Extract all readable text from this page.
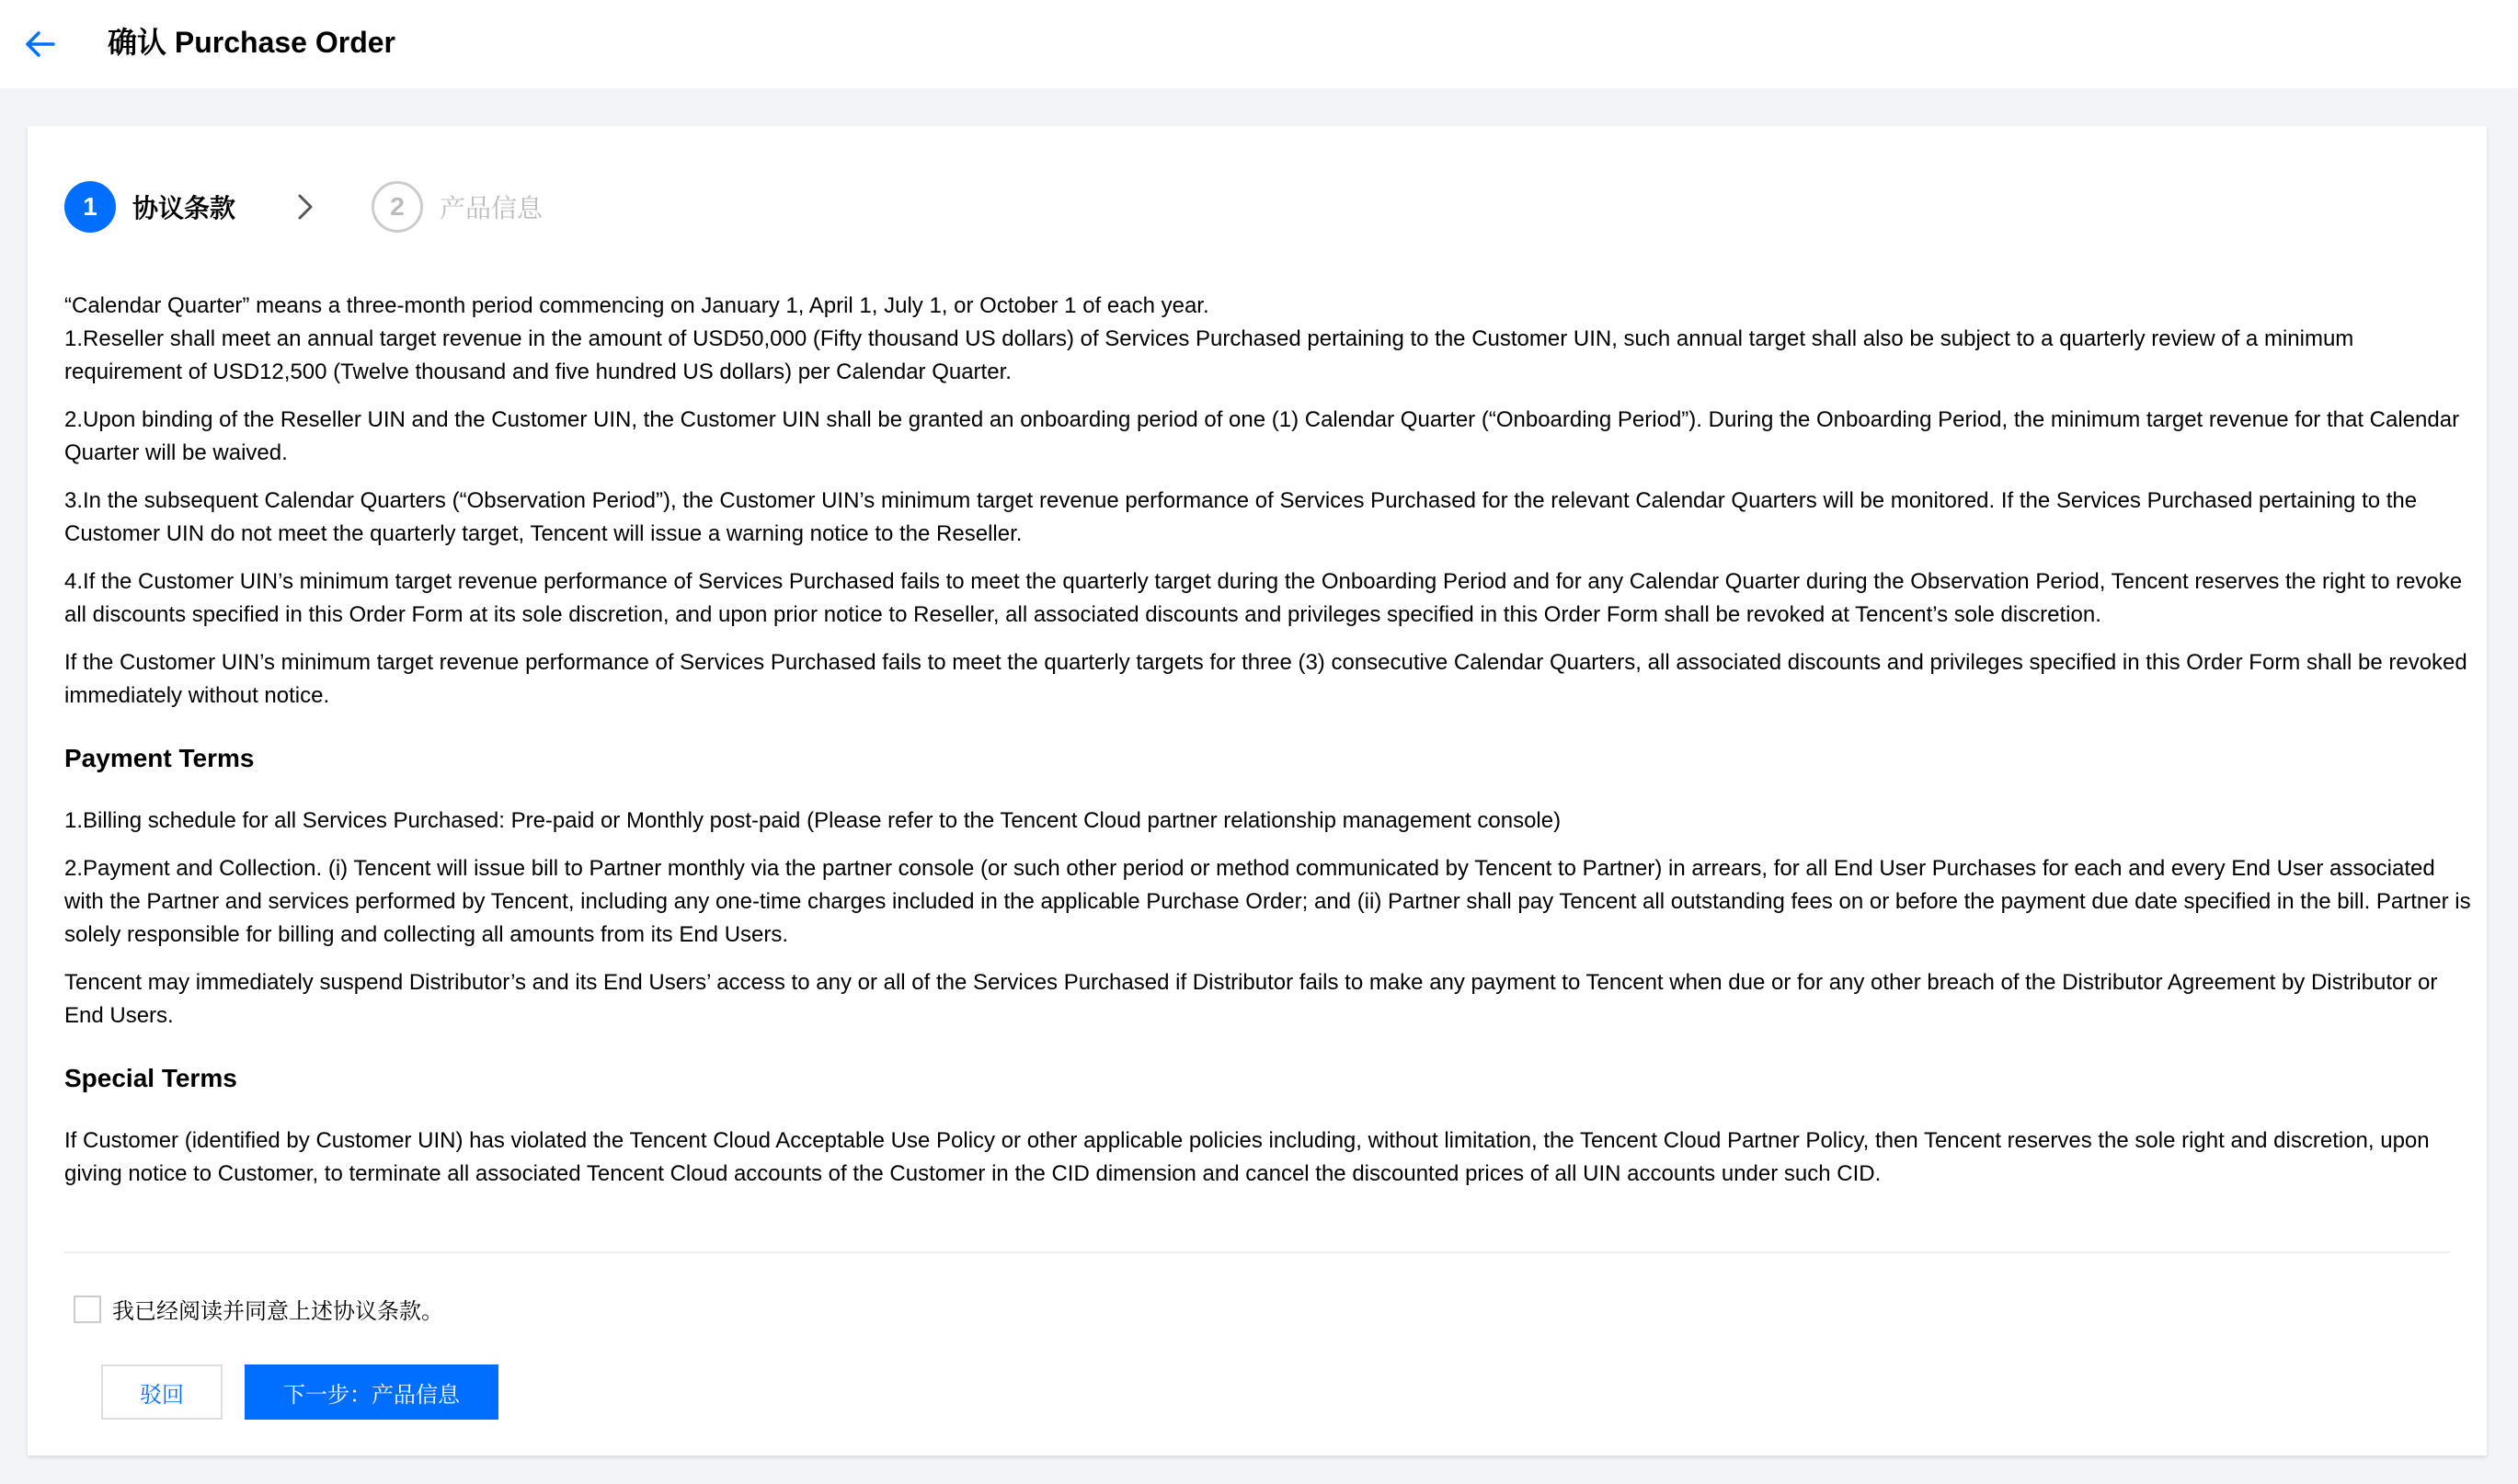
确认 Purchase Order
1	协议条款	2	产品信息

“Calendar Quarter” means a three-month period commencing on January 1, April 1, July 1, or October 1 of each year.

1.Reseller shall meet an annual target revenue in the amount of USD50,000 (Fifty thousand US dollars) of Services Purchased pertaining to the Customer UIN, such annual target shall also be subject to a quarterly review of a minimum requirement of USD12,500 (Twelve thousand and five hundred US dollars) per Calendar Quarter.

2.Upon binding of the Reseller UIN and the Customer UIN, the Customer UIN shall be granted an onboarding period of one (1) Calendar Quarter (“Onboarding Period”). During the Onboarding Period, the minimum target revenue for that Calendar Quarter will be waived.

3.In the subsequent Calendar Quarters (“Observation Period”), the Customer UIN’s minimum target revenue performance of Services Purchased for the relevant Calendar Quarters will be monitored. If the Services Purchased pertaining to the Customer UIN do not meet the quarterly target, Tencent will issue a warning notice to the Reseller.

4.If the Customer UIN’s minimum target revenue performance of Services Purchased fails to meet the quarterly target during the Onboarding Period and for any Calendar Quarter during the Observation Period, Tencent reserves the right to revoke all discounts specified in this Order Form at its sole discretion, and upon prior notice to Reseller, all associated discounts and privileges specified in this Order Form shall be revoked at Tencent’s sole discretion.

If the Customer UIN’s minimum target revenue performance of Services Purchased fails to meet the quarterly targets for three (3) consecutive Calendar Quarters, all associated discounts and privileges specified in this Order Form shall be revoked immediately without notice.

Payment Terms

1.Billing schedule for all Services Purchased: Pre-paid or Monthly post-paid (Please refer to the Tencent Cloud partner relationship management console)

2.Payment and Collection. (i) Tencent will issue bill to Partner monthly via the partner console (or such other period or method communicated by Tencent to Partner) in arrears, for all End User Purchases for each and every End User associated with the Partner and services performed by Tencent, including any one-time charges included in the applicable Purchase Order; and (ii) Partner shall pay Tencent all outstanding fees on or before the payment due date specified in the bill. Partner is solely responsible for billing and collecting all amounts from its End Users.

Tencent may immediately suspend Distributor’s and its End Users’ access to any or all of the Services Purchased if Distributor fails to make any payment to Tencent when due or for any other breach of the Distributor Agreement by Distributor or End Users.

Special Terms

If Customer (identified by Customer UIN) has violated the Tencent Cloud Acceptable Use Policy or other applicable policies including, without limitation, the Tencent Cloud Partner Policy, then Tencent reserves the sole right and discretion, upon giving notice to Customer, to terminate all associated Tencent Cloud accounts of the Customer in the CID dimension and cancel the discounted prices of all UIN accounts under such CID.

我已经阅读并同意上述协议条款。
驳回	下一步：产品信息
